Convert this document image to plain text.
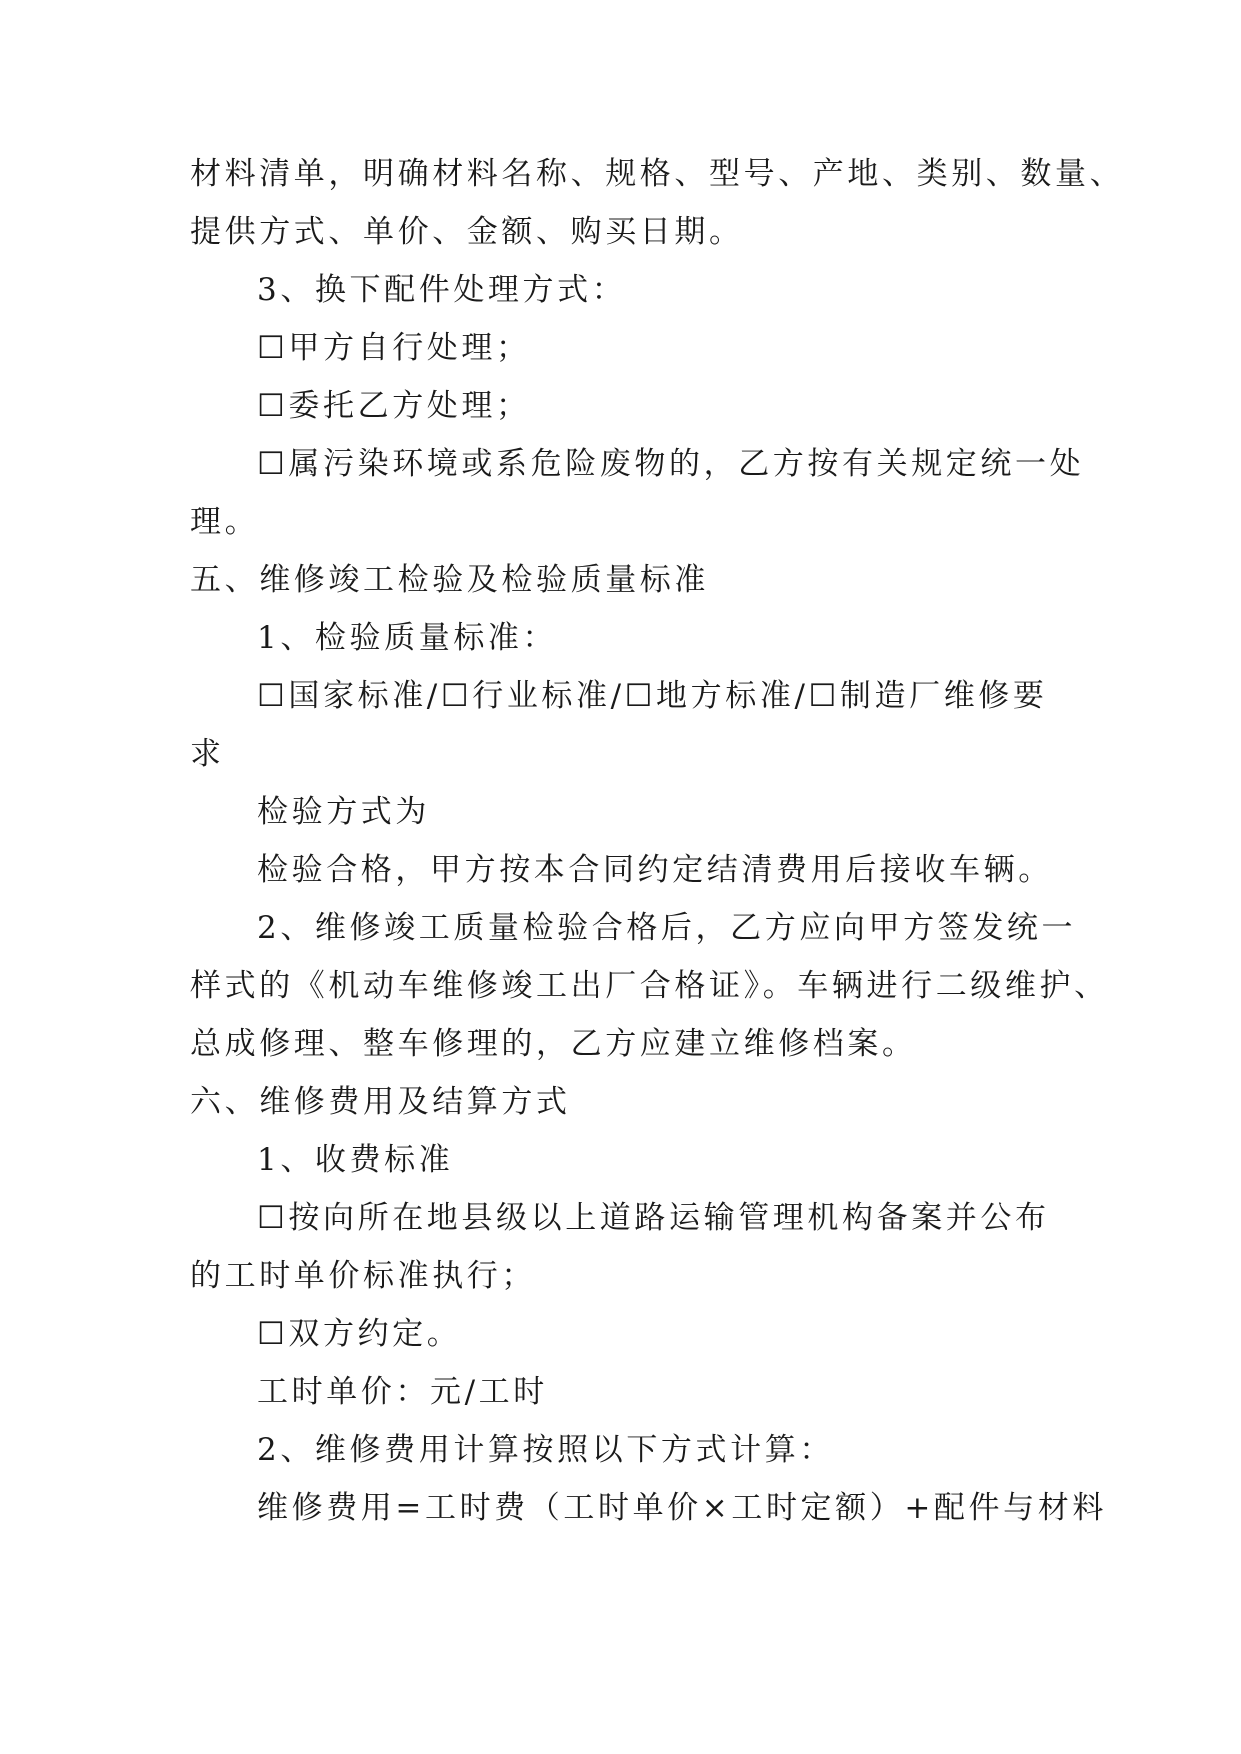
材料清单，明确材料名称、规格、型号、产地、类别、数量、
提供方式、单价、金额、购买日期。
3、换下配件处理方式：
☐甲方自行处理；
☐委托乙方处理；
☐属污染环境或系危险废物的，乙方按有关规定统一处
理。
五、维修竣工检验及检验质量标准
1、检验质量标准：
☐国家标准/☐行业标准/☐地方标准/☐制造厂维修要
求
检验方式为
检验合格，甲方按本合同约定结清费用后接收车辆。
2、维修竣工质量检验合格后，乙方应向甲方签发统一
样式的《机动车维修竣工出厂合格证》。车辆进行二级维护、
总成修理、整车修理的，乙方应建立维修档案。
六、维修费用及结算方式
1、收费标准
☐按向所在地县级以上道路运输管理机构备案并公布
的工时单价标准执行；
☐双方约定。
工时单价：元/工时
2、维修费用计算按照以下方式计算：
维修费用=工时费（工时单价×工时定额）+配件与材料
